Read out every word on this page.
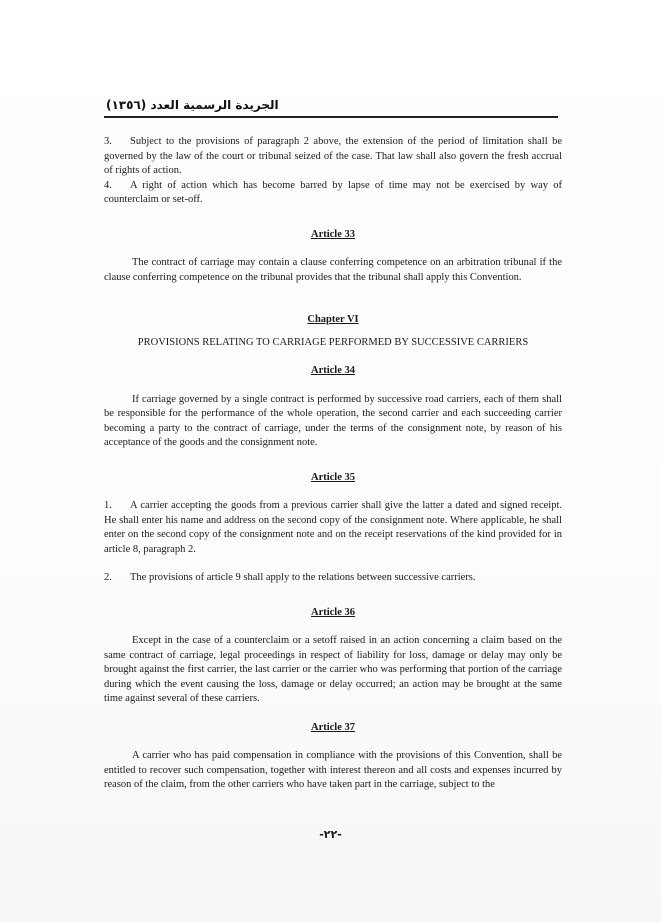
الجريدة الرسمية العدد (١٣٥٦)

3. Subject to the provisions of paragraph 2 above, the extension of the period of limitation shall be governed by the law of the court or tribunal seized of the case. That law shall also govern the fresh accrual of rights of action.

4. A right of action which has become barred by lapse of time may not be exercised by way of counterclaim or set-off.

Article 33

The contract of carriage may contain a clause conferring competence on an arbitration tribunal if the clause conferring competence on the tribunal provides that the tribunal shall apply this Convention.

Chapter VI

PROVISIONS RELATING TO CARRIAGE PERFORMED BY SUCCESSIVE CARRIERS

Article 34

If carriage governed by a single contract is performed by successive road carriers, each of them shall be responsible for the performance of the whole operation, the second carrier and each succeeding carrier becoming a party to the contract of carriage, under the terms of the consignment note, by reason of his acceptance of the goods and the consignment note.

Article 35

1. A carrier accepting the goods from a previous carrier shall give the latter a dated and signed receipt. He shall enter his name and address on the second copy of the consignment note. Where applicable, he shall enter on the second copy of the consignment note and on the receipt reservations of the kind provided for in article 8, paragraph 2.

2. The provisions of article 9 shall apply to the relations between successive carriers.

Article 36

Except in the case of a counterclaim or a setoff raised in an action concerning a claim based on the same contract of carriage, legal proceedings in respect of liability for loss, damage or delay may only be brought against the first carrier, the last carrier or the carrier who was performing that portion of the carriage during which the event causing the loss, damage or delay occurred; an action may be brought at the same time against several of these carriers.

Article 37

A carrier who has paid compensation in compliance with the provisions of this Convention, shall be entitled to recover such compensation, together with interest thereon and all costs and expenses incurred by reason of the claim, from the other carriers who have taken part in the carriage, subject to the

-٢٢-
